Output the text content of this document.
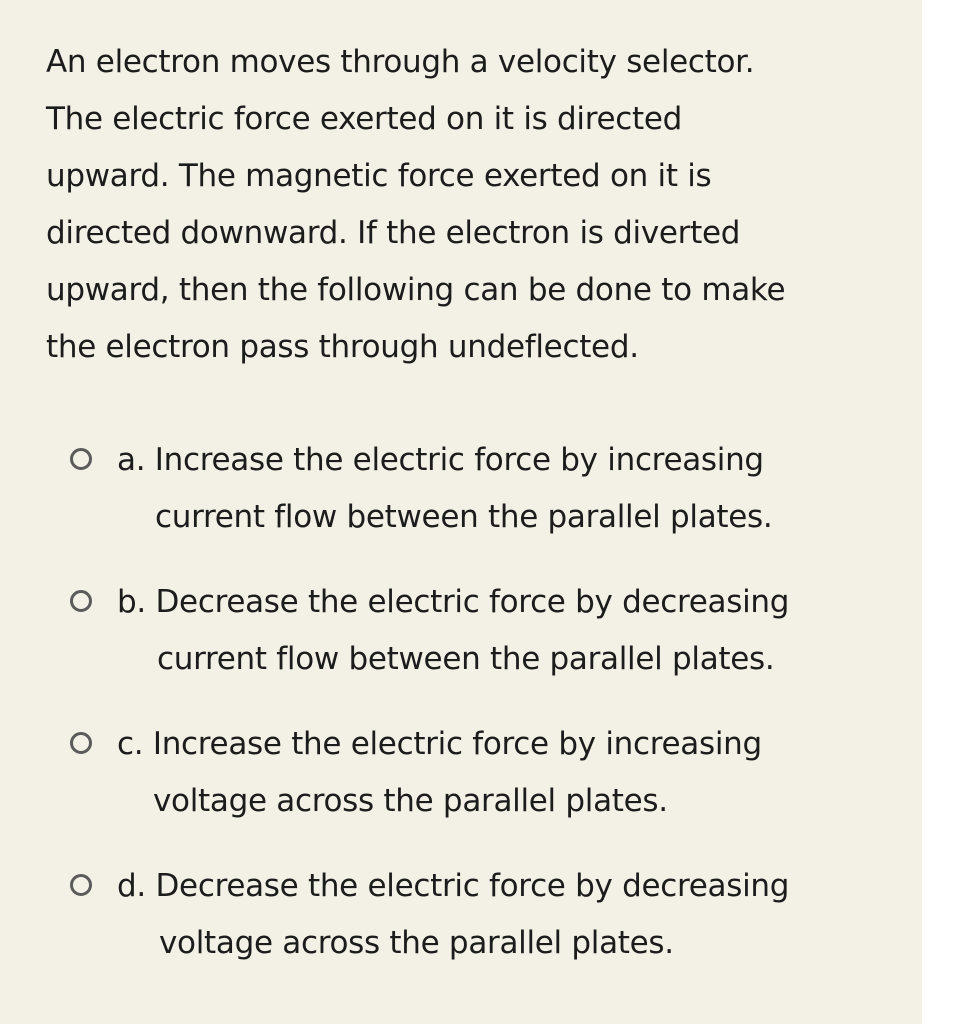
An electron moves through a velocity selector.
The electric force exerted on it is directed
upward. The magnetic force exerted on it is
directed downward. If the electron is diverted
upward, then the following can be done to make
the electron pass through undeflected.
a. Increase the electric force by increasing
current flow between the parallel plates.
b. Decrease the electric force by decreasing
current flow between the parallel plates.
c. Increase the electric force by increasing
voltage across the parallel plates.
d. Decrease the electric force by decreasing
voltage across the parallel plates.
